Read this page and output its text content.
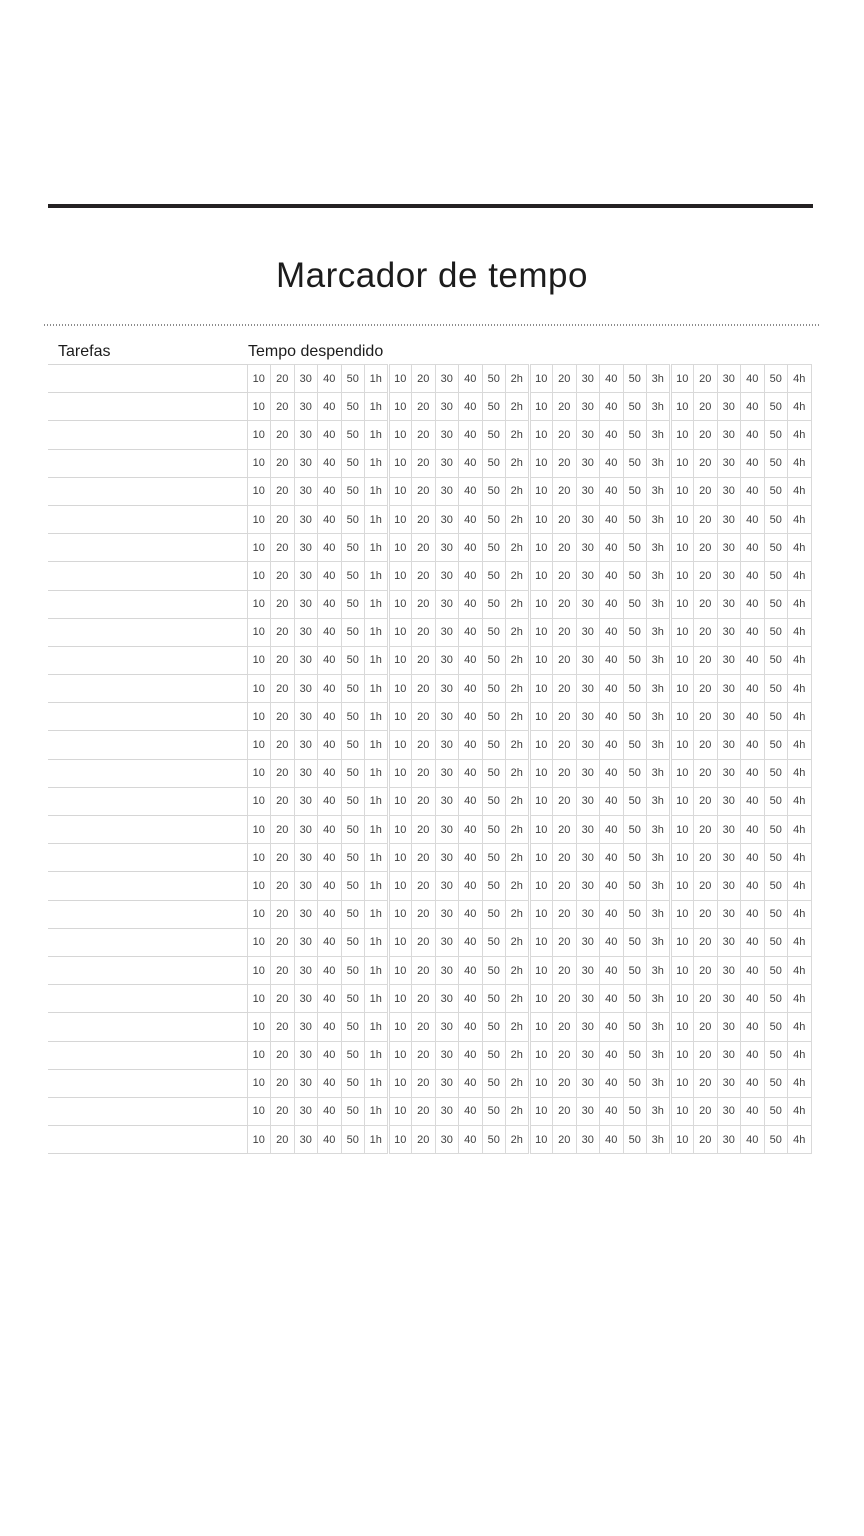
Marcador de tempo
Tarefas	Tempo despendido
	10	20	30	40	50	1h	10	20	30	40	50	2h	10	20	30	40	50	3h	10	20	30	40	50	4h
	10	20	30	40	50	1h	10	20	30	40	50	2h	10	20	30	40	50	3h	10	20	30	40	50	4h
	10	20	30	40	50	1h	10	20	30	40	50	2h	10	20	30	40	50	3h	10	20	30	40	50	4h
	10	20	30	40	50	1h	10	20	30	40	50	2h	10	20	30	40	50	3h	10	20	30	40	50	4h
	10	20	30	40	50	1h	10	20	30	40	50	2h	10	20	30	40	50	3h	10	20	30	40	50	4h
	10	20	30	40	50	1h	10	20	30	40	50	2h	10	20	30	40	50	3h	10	20	30	40	50	4h
	10	20	30	40	50	1h	10	20	30	40	50	2h	10	20	30	40	50	3h	10	20	30	40	50	4h
	10	20	30	40	50	1h	10	20	30	40	50	2h	10	20	30	40	50	3h	10	20	30	40	50	4h
	10	20	30	40	50	1h	10	20	30	40	50	2h	10	20	30	40	50	3h	10	20	30	40	50	4h
	10	20	30	40	50	1h	10	20	30	40	50	2h	10	20	30	40	50	3h	10	20	30	40	50	4h
	10	20	30	40	50	1h	10	20	30	40	50	2h	10	20	30	40	50	3h	10	20	30	40	50	4h
	10	20	30	40	50	1h	10	20	30	40	50	2h	10	20	30	40	50	3h	10	20	30	40	50	4h
	10	20	30	40	50	1h	10	20	30	40	50	2h	10	20	30	40	50	3h	10	20	30	40	50	4h
	10	20	30	40	50	1h	10	20	30	40	50	2h	10	20	30	40	50	3h	10	20	30	40	50	4h
	10	20	30	40	50	1h	10	20	30	40	50	2h	10	20	30	40	50	3h	10	20	30	40	50	4h
	10	20	30	40	50	1h	10	20	30	40	50	2h	10	20	30	40	50	3h	10	20	30	40	50	4h
	10	20	30	40	50	1h	10	20	30	40	50	2h	10	20	30	40	50	3h	10	20	30	40	50	4h
	10	20	30	40	50	1h	10	20	30	40	50	2h	10	20	30	40	50	3h	10	20	30	40	50	4h
	10	20	30	40	50	1h	10	20	30	40	50	2h	10	20	30	40	50	3h	10	20	30	40	50	4h
	10	20	30	40	50	1h	10	20	30	40	50	2h	10	20	30	40	50	3h	10	20	30	40	50	4h
	10	20	30	40	50	1h	10	20	30	40	50	2h	10	20	30	40	50	3h	10	20	30	40	50	4h
	10	20	30	40	50	1h	10	20	30	40	50	2h	10	20	30	40	50	3h	10	20	30	40	50	4h
	10	20	30	40	50	1h	10	20	30	40	50	2h	10	20	30	40	50	3h	10	20	30	40	50	4h
	10	20	30	40	50	1h	10	20	30	40	50	2h	10	20	30	40	50	3h	10	20	30	40	50	4h
	10	20	30	40	50	1h	10	20	30	40	50	2h	10	20	30	40	50	3h	10	20	30	40	50	4h
	10	20	30	40	50	1h	10	20	30	40	50	2h	10	20	30	40	50	3h	10	20	30	40	50	4h
	10	20	30	40	50	1h	10	20	30	40	50	2h	10	20	30	40	50	3h	10	20	30	40	50	4h
	10	20	30	40	50	1h	10	20	30	40	50	2h	10	20	30	40	50	3h	10	20	30	40	50	4h
